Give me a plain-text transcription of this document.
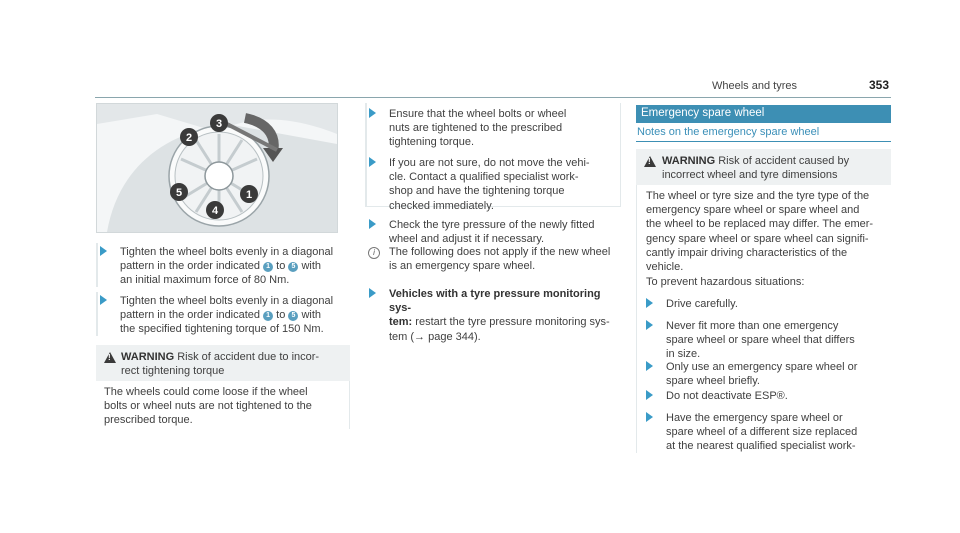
Wheels and tyres	353
2
3
5
4
1
Tighten the wheel bolts evenly in a diagonal
pattern in the order indicated 1 to 5 with
an initial maximum force of 80 Nm.
Tighten the wheel bolts evenly in a diagonal
pattern in the order indicated 1 to 5 with
the specified tightening torque of 150 Nm.
!
WARNING Risk of accident due to incor-
rect tightening torque
The wheels could come loose if the wheel
bolts or wheel nuts are not tightened to the
prescribed torque.
Ensure that the wheel bolts or wheel
nuts are tightened to the prescribed
tightening torque.
If you are not sure, do not move the vehi-
cle. Contact a qualified specialist work-
shop and have the tightening torque
checked immediately.
Check the tyre pressure of the newly fitted
wheel and adjust it if necessary.
i	The following does not apply if the new wheel
is an emergency spare wheel.
Vehicles with a tyre pressure monitoring sys-
tem: restart the tyre pressure monitoring sys-
tem (→ page 344).
Emergency spare wheel
Notes on the emergency spare wheel
!
WARNING Risk of accident caused by
incorrect wheel and tyre dimensions
The wheel or tyre size and the tyre type of the
emergency spare wheel or spare wheel and
the wheel to be replaced may differ. The emer-
gency spare wheel or spare wheel can signifi-
cantly impair driving characteristics of the
vehicle.
To prevent hazardous situations:
Drive carefully.
Never fit more than one emergency
spare wheel or spare wheel that differs
in size.
Only use an emergency spare wheel or
spare wheel briefly.
Do not deactivate ESP®.
Have the emergency spare wheel or
spare wheel of a different size replaced
at the nearest qualified specialist work-
